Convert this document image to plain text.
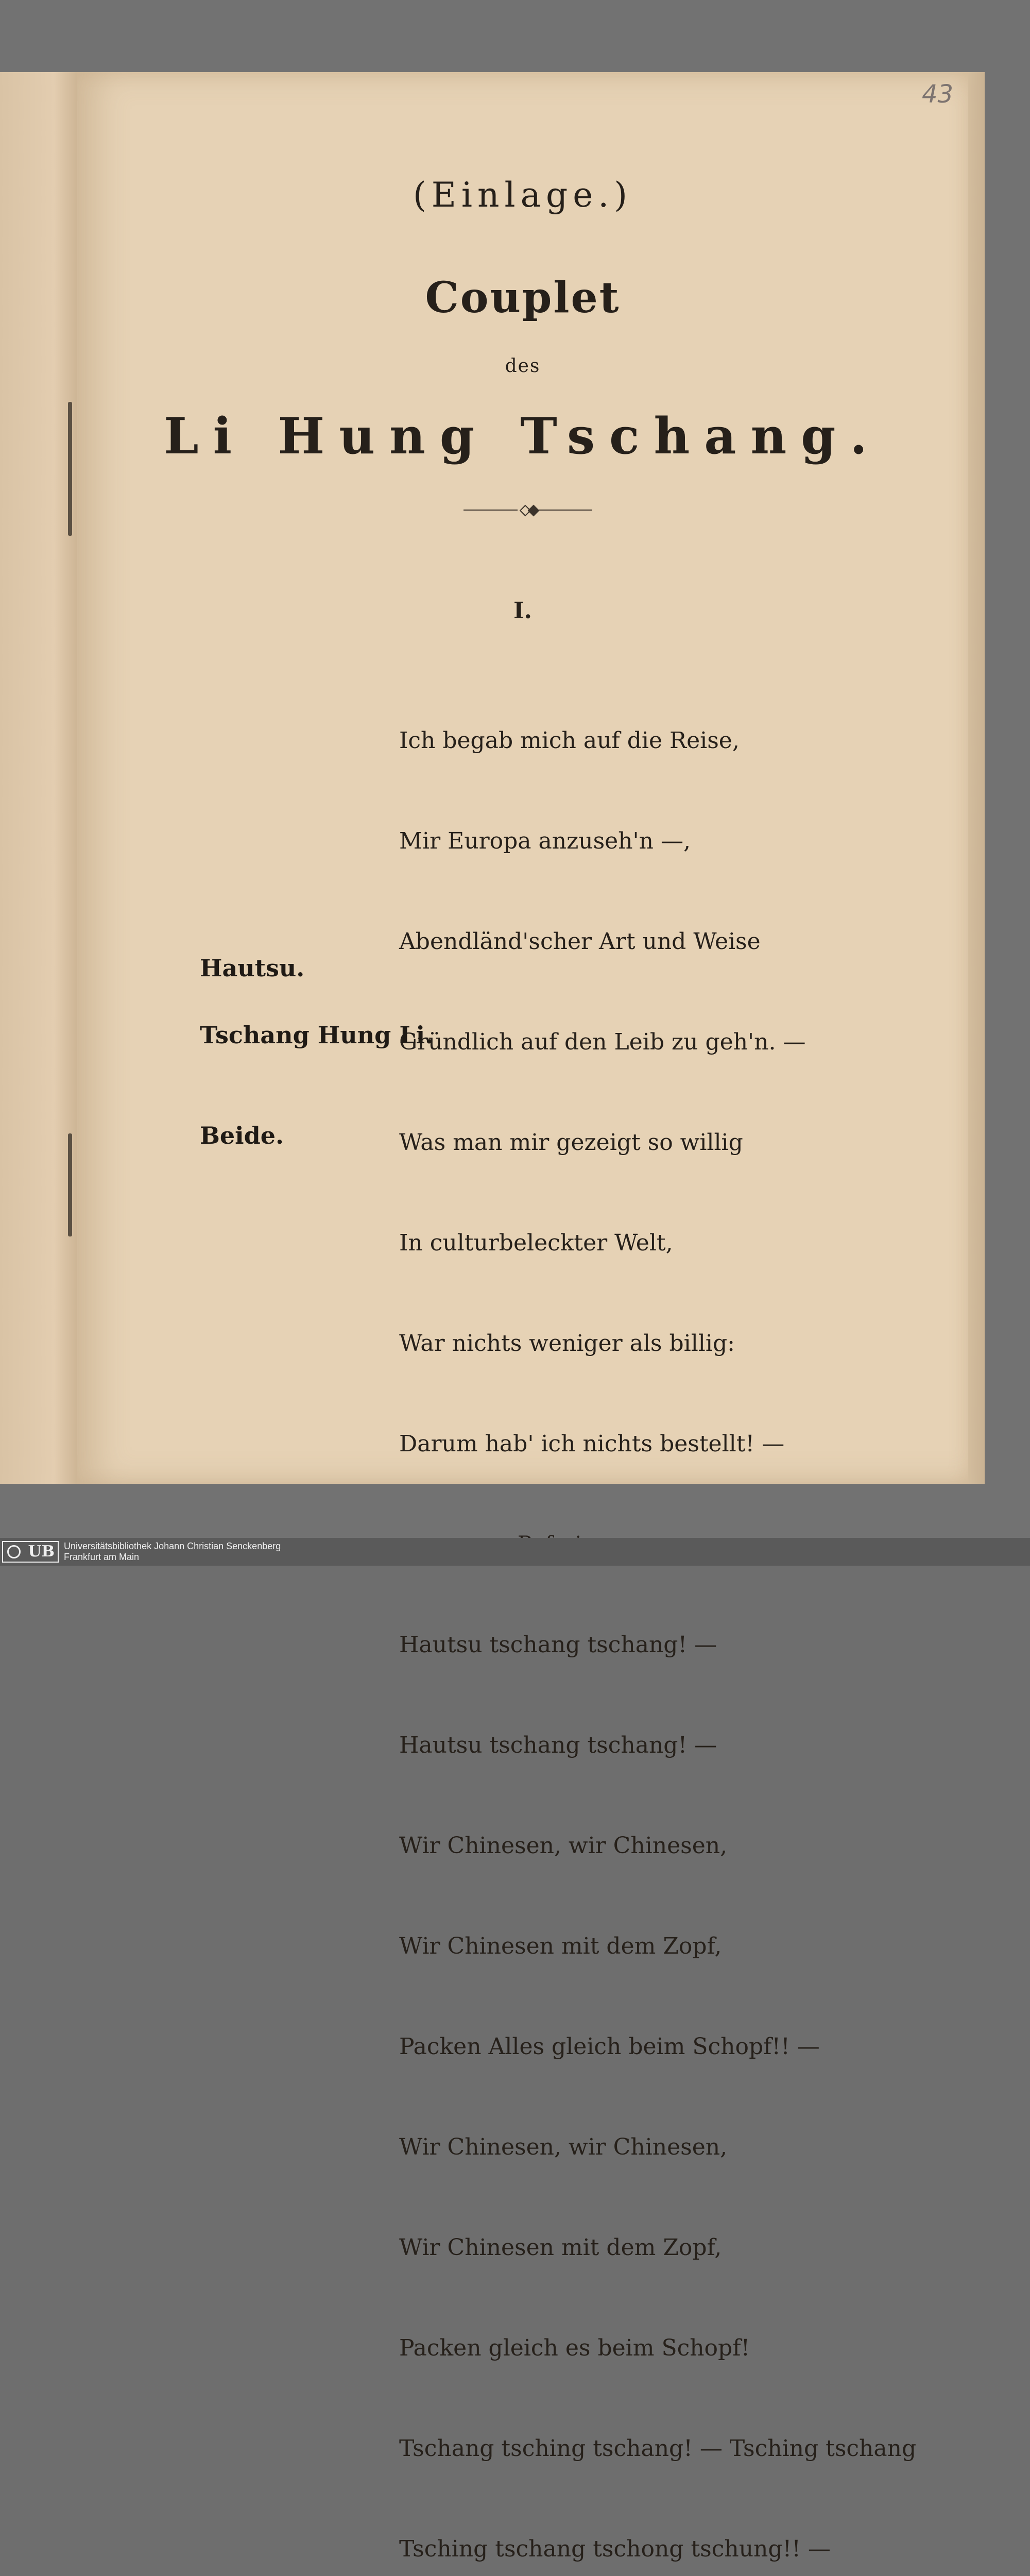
43
(Einlage.)
Couplet
des
Li Hung Tschang.
I.

Ich begab mich auf die Reise,

Mir Europa anzuseh'n —,

Abendländ'scher Art und Weise

Gründlich auf den Leib zu geh'n. —

Was man mir gezeigt so willig

In culturbeleckter Welt,

War nichts weniger als billig:

Darum hab' ich nichts bestellt! —

Hautsu tschang tschang! —

Hautsu tschang tschang! —

Wir Chinesen, wir Chinesen,

Wir Chinesen mit dem Zopf,

Packen Alles gleich beim Schopf!! —

Wir Chinesen, wir Chinesen,

Wir Chinesen mit dem Zopf,

Packen gleich es beim Schopf!

Tschang tsching tschang! — Tsching tschang

Tsching tschang tschong tschung!! —

Hautsu.
Tschang Hung Li.
Beide.
UB	Universitätsbibliothek Johann Christian Senckenberg
Frankfurt am Main
